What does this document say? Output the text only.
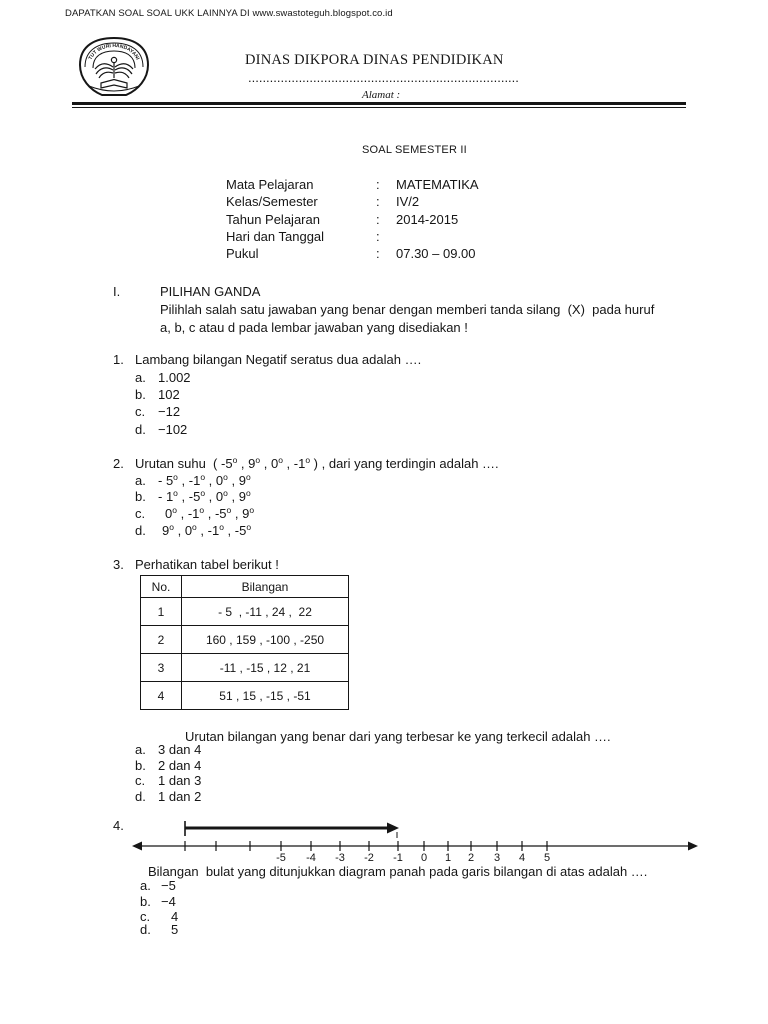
DAPATKAN SOAL SOAL UKK LAINNYA DI www.swastoteguh.blogspot.co.id
TUT WURI HANDAYANI	DINAS DIKPORA DINAS PENDIDIKAN
...........................................................................
Alamat :
SOAL SEMESTER II
Mata Pelajaran	: MATEMATIKA
Kelas/Semester	: IV/2
Tahun Pelajaran	: 2014-2015
Hari dan Tanggal	:
Pukul	: 07.30 – 09.00
I.	PILIHAN GANDA
Pilihlah salah satu jawaban yang benar dengan memberi tanda silang  (X)  pada huruf
a, b, c atau d pada lembar jawaban yang disediakan !
1. Lambang bilangan Negatif seratus dua adalah ….
a. 1.002
b. 102
c. −12
d. −102
2. Urutan suhu  ( -5$^o$ , 9$^o$ , 0$^o$ , -1$^o$ ) , dari yang terdingin adalah ….
a. - 5$^o$ , -1$^o$ , 0$^o$ , 9$^o$
b. - 1$^o$ , -5$^o$ , 0$^o$ , 9$^o$
c. 0$^o$ , -1$^o$ , -5$^o$ , 9$^o$
d. 9$^o$ , 0$^o$ , -1$^o$ , -5$^o$
3. Perhatikan tabel berikut !
No.	Bilangan
1	- 5  , -11 , 24 ,  22
2	160 , 159 , -100 , -250
3	-11 , -15 , 12 , 21
4	51 , 15 , -15 , -51
Urutan bilangan yang benar dari yang terbesar ke yang terkecil adalah ….
a. 3 dan 4
b. 2 dan 4
c. 1 dan 3
d. 1 dan 2
4.
-5 -4 -3 -2 -1 0 1 2 3 4 5
Bilangan  bulat yang ditunjukkan diagram panah pada garis bilangan di atas adalah ….
a. −5
b. −4
c. 4
d. 5
